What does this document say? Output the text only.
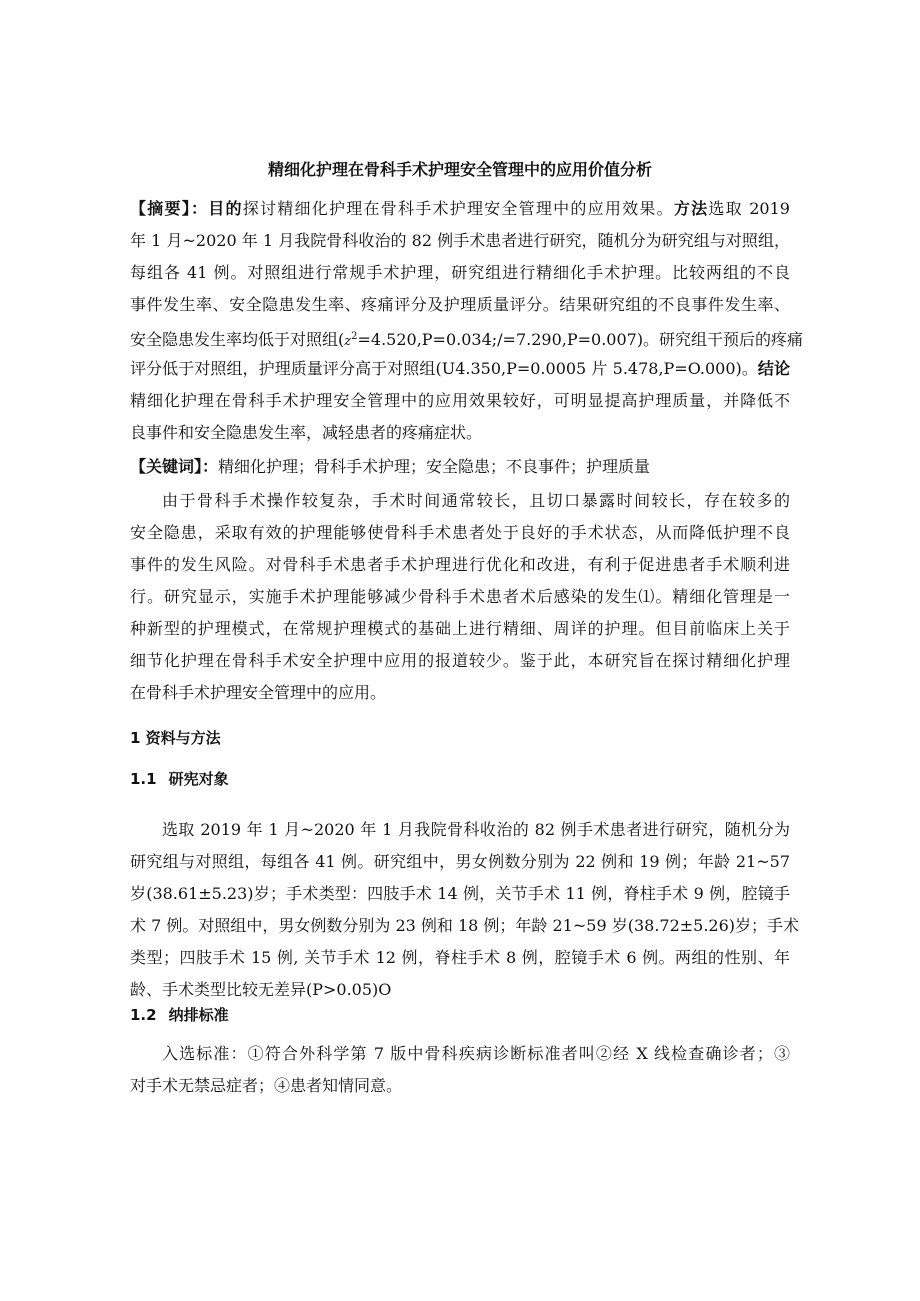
精细化护理在骨科手术护理安全管理中的应用价值分析
【摘要】：目的探讨精细化护理在骨科手术护理安全管理中的应用效果。方法选取 2019
年 1 月~2020 年 1 月我院骨科收治的 82 例手术患者进行研究，随机分为研究组与对照组，
每组各 41 例。对照组进行常规手术护理，研究组进行精细化手术护理。比较两组的不良
事件发生率、安全隐患发生率、疼痛评分及护理质量评分。结果研究组的不良事件发生率、
安全隐患发生率均低于对照组$(z^2=4.520,P=0.034;/=7.290,P=0.007)$。研究组干预后的疼痛
评分低于对照组，护理质量评分高于对照组(U4.350,P=0.0005 片 5.478,P=O.000)。结论
精细化护理在骨科手术护理安全管理中的应用效果较好，可明显提高护理质量，并降低不
良事件和安全隐患发生率，减轻患者的疼痛症状。
【关键词】：精细化护理；骨科手术护理；安全隐患；不良事件；护理质量
由于骨科手术操作较复杂，手术时间通常较长，且切口暴露时间较长，存在较多的
安全隐患，采取有效的护理能够使骨科手术患者处于良好的手术状态，从而降低护理不良
事件的发生风险。对骨科手术患者手术护理进行优化和改进，有利于促进患者手术顺利进
行。研究显示，实施手术护理能够减少骨科手术患者术后感染的发生⑴。精细化管理是一
种新型的护理模式，在常规护理模式的基础上进行精细、周详的护理。但目前临床上关于
细节化护理在骨科手术安全护理中应用的报道较少。鉴于此，本研究旨在探讨精细化护理
在骨科手术护理安全管理中的应用。
1 资料与方法
1.1 研宪对象
选取 2019 年 1 月~2020 年 1 月我院骨科收治的 82 例手术患者进行研究，随机分为
研究组与对照组，每组各 41 例。研究组中，男女例数分别为 22 例和 19 例；年龄 21~57
岁(38.61±5.23)岁；手术类型：四肢手术 14 例，关节手术 11 例，脊柱手术 9 例，腔镜手
术 7 例。对照组中，男女例数分别为 23 例和 18 例；年龄 21~59 岁(38.72±5.26)岁；手术
类型；四肢手术 15 例, 关节手术 12 例，脊柱手术 8 例，腔镜手术 6 例。两组的性别、年
龄、手术类型比较无差异(P>0.05)O
1.2 纳排标准
入选标准：①符合外科学第 7 版中骨科疾病诊断标准者叫②经 X 线检查确诊者；③
对手术无禁忌症者；④患者知情同意。
